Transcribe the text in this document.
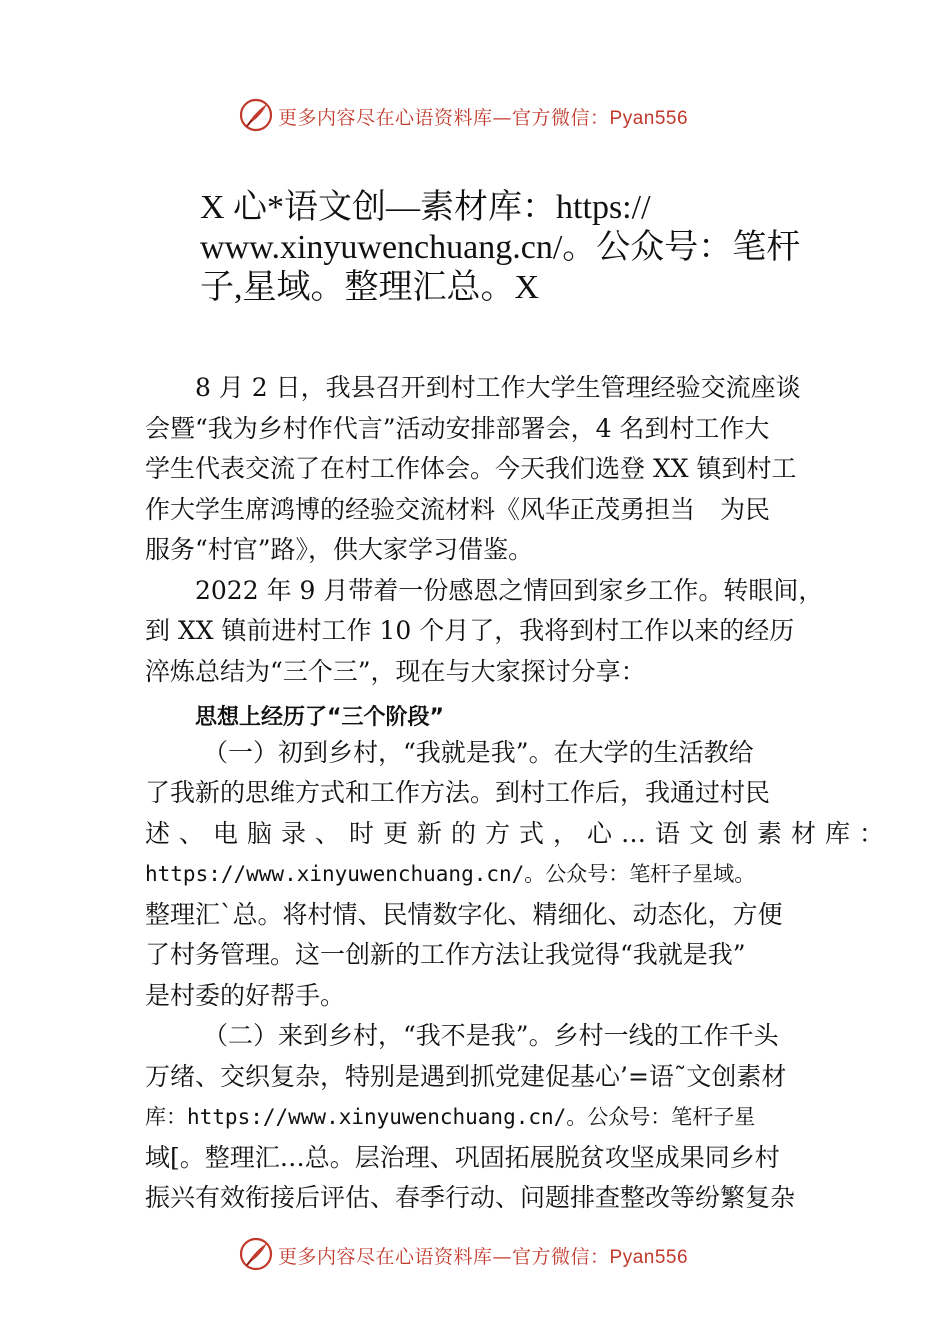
更多内容尽在心语资料库—官方微信：Pyan556
X 心*语文创—素材库：https://
www.xinyuwenchuang.cn/。公众号：笔杆
子,星域。整理汇总。X
8 月 2 日，我县召开到村工作大学生管理经验交流座谈
会暨“我为乡村作代言”活动安排部署会，4 名到村工作大
学生代表交流了在村工作体会。今天我们选登 XX 镇到村工
作大学生席鸿博的经验交流材料《风华正茂勇担当　为民
服务“村官”路》，供大家学习借鉴。
2022 年 9 月带着一份感恩之情回到家乡工作。转眼间，
到 XX 镇前进村工作 10 个月了，我将到村工作以来的经历
淬炼总结为“三个三”，现在与大家探讨分享：
思想上经历了“三个阶段”
（一）初到乡村，“我就是我”。在大学的生活教给
了我新的思维方式和工作方法。到村工作后，我通过村民
述、电脑录、时更新的方式，心…语文创素材库：
https://www.xinyuwenchuang.cn/。公众号：笔杆子星域。
整理汇`总。将村情、民情数字化、精细化、动态化，方便
了村务管理。这一创新的工作方法让我觉得“我就是我”
是村委的好帮手。
（二）来到乡村，“我不是我”。乡村一线的工作千头
万绪、交织复杂，特别是遇到抓党建促基心’=语˜文创素材
库：https://www.xinyuwenchuang.cn/。公众号：笔杆子星
域[。整理汇…总。层治理、巩固拓展脱贫攻坚成果同乡村
振兴有效衔接后评估、春季行动、问题排查整改等纷繁复杂
更多内容尽在心语资料库—官方微信：Pyan556
